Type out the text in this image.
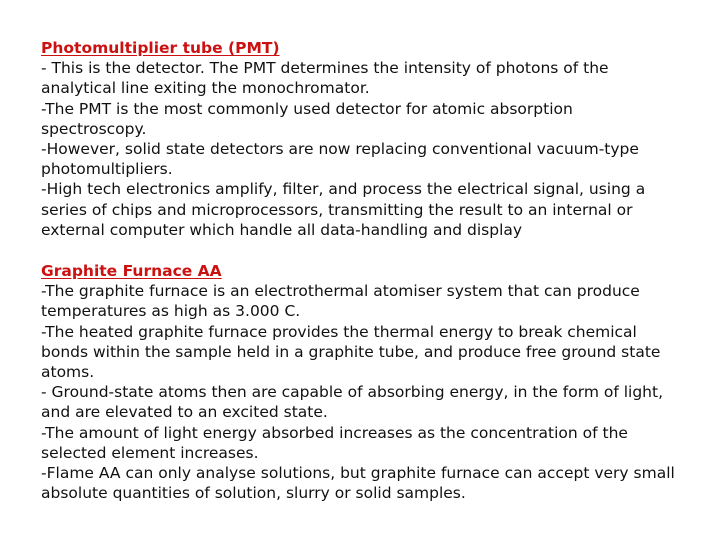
Photomultiplier tube (PMT)

- This is the detector. The PMT determines the intensity of photons of the analytical line exiting the monochromator.

-The PMT is the most commonly used detector for atomic absorption spectroscopy.

-However, solid state detectors are now replacing conventional vacuum-type photomultipliers.

-High tech electronics amplify, filter, and process the electrical signal, using a series of chips and microprocessors, transmitting the result to an internal or external computer which handle all data-handling and display

Graphite Furnace AA

-The graphite furnace is an electrothermal atomiser system that can produce temperatures as high as 3.000 C.

-The heated graphite furnace provides the thermal energy to break chemical bonds within the sample held in a graphite tube, and produce free ground state atoms.

- Ground-state atoms then are capable of absorbing energy, in the form of light, and are elevated to an excited state.

-The amount of light energy absorbed increases as the concentration of the selected element increases.

-Flame AA can only analyse solutions, but graphite furnace can accept very small absolute quantities of solution, slurry or solid samples.
